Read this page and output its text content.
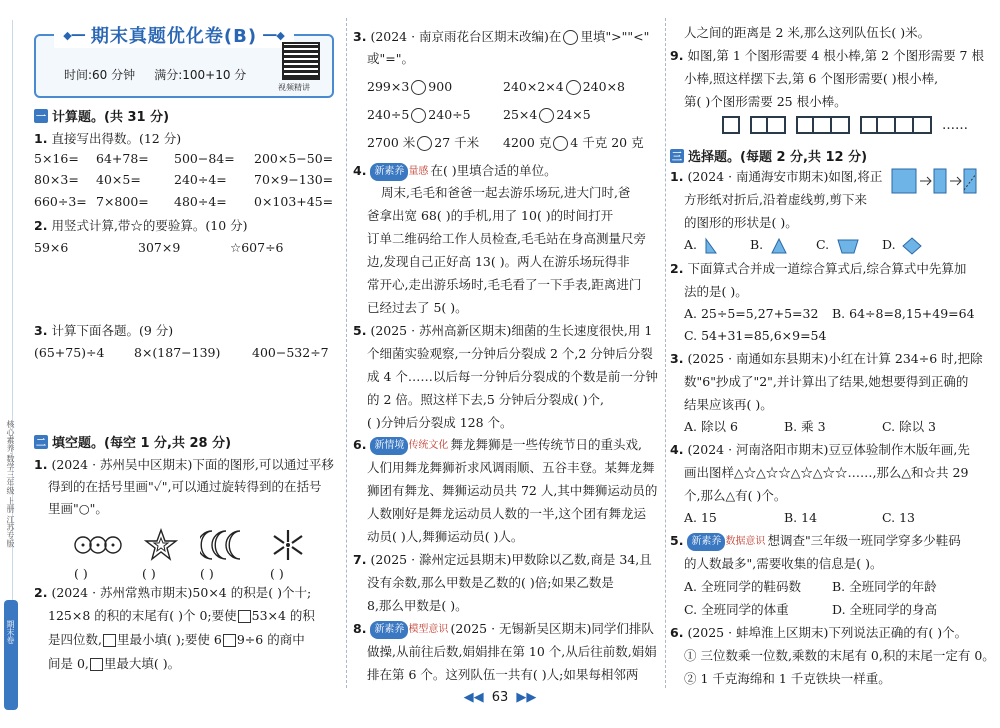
核心素养·数学三年级 上册 江苏专版
期末卷
◆━━ 期末真题优化卷(B) ━━◆
时间:60 分钟 满分:100+10 分
视频精讲
一 计算题。(共 31 分)
1. 直接写出得数。(12 分)
5×16=	64+78=	500−84=	200×5−50=
80×3=	40×5=	240÷4=	70×9−130=
660÷3= 7×800=	480÷4=	0×103+45=
2. 用竖式计算,带☆的要验算。(10 分)
59×6	307×9	☆607÷6
3. 计算下面各题。(9 分)
(65+75)÷4	8×(187−139)	400−532÷7
二 填空题。(每空 1 分,共 28 分)
1. (2024 · 苏州吴中区期末)下面的图形,可以通过平移
得到的在括号里画"✓",可以通过旋转得到的在括号
里画"○"。
( )	( )	( )	( )
2. (2024 · 苏州常熟市期末)50×4 的积是( )个十;
125×8 的积的末尾有( )个 0;要使 53×4 的积
是四位数, 里最小填( );要使 6 9÷6 的商中
间是 0, 里最大填( )。
3. (2024 · 南京雨花台区期末改编)在 里填">""<"
或"="。
299×3 900	240×2×4 240×8
240÷5 240÷5	25×4 24×5
2700 米 27 千米 4200 克 4 千克 20 克
4. 新素养 量感 在( )里填合适的单位。
周末,毛毛和爸爸一起去游乐场玩,进大门时,爸
爸拿出宽 68( )的手机,用了 10( )的时间打开
订单二维码给工作人员检查,毛毛站在身高测量尺旁
边,发现自己正好高 13( )。两人在游乐场玩得非
常开心,走出游乐场时,毛毛看了一下手表,距离进门
已经过去了 5( )。
5. (2025 · 苏州高新区期末)细菌的生长速度很快,用 1
个细菌实验观察,一分钟后分裂成 2 个,2 分钟后分裂
成 4 个……以后每一分钟后分裂成的个数是前一分钟
的 2 倍。照这样下去,5 分钟后分裂成( )个,
( )分钟后分裂成 128 个。
6. 新情境 传统文化 舞龙舞狮是一些传统节日的重头戏,
人们用舞龙舞狮祈求风调雨顺、五谷丰登。某舞龙舞
狮团有舞龙、舞狮运动员共 72 人,其中舞狮运动员的
人数刚好是舞龙运动员人数的一半,这个团有舞龙运
动员( )人,舞狮运动员( )人。
7. (2025 · 滁州定远县期末)甲数除以乙数,商是 34,且
没有余数,那么甲数是乙数的( )倍;如果乙数是
8,那么甲数是( )。
8. 新素养 模型意识 (2025 · 无锡新吴区期末)同学们排队
做操,从前往后数,娟娟排在第 10 个,从后往前数,娟娟
排在第 6 个。这列队伍一共有( )人;如果每相邻两
人之间的距离是 2 米,那么这列队伍长( )米。
9. 如图,第 1 个图形需要 4 根小棒,第 2 个图形需要 7 根
小棒,照这样摆下去,第 6 个图形需要( )根小棒,
第( )个图形需要 25 根小棒。
……
三 选择题。(每题 2 分,共 12 分)
1. (2024 · 南通海安市期末)如图,将正
方形纸对折后,沿着虚线剪,剪下来
的图形的形状是( )。
A.	B.	C.	D.
2. 下面算式合并成一道综合算式后,综合算式中先算加
法的是( )。
A. 25÷5=5,27+5=32 B. 64÷8=8,15+49=64
C. 54+31=85,6×9=54
3. (2025 · 南通如东县期末)小红在计算 234÷6 时,把除
数"6"抄成了"2",并计算出了结果,她想要得到正确的
结果应该再( )。
A. 除以 6	B. 乘 3	C. 除以 3
4. (2024 · 河南洛阳市期末)豆豆体验制作木版年画,先
画出图样△☆△☆☆△☆△☆☆……,那么△和☆共 29
个,那么△有( )个。
A. 15	B. 14	C. 13
5. 新素养 数据意识 想调查"三年级一班同学穿多少鞋码
的人数最多",需要收集的信息是( )。
A. 全班同学的鞋码数 B. 全班同学的年龄
C. 全班同学的体重	D. 全班同学的身高
6. (2025 · 蚌埠淮上区期末)下列说法正确的有( )个。
① 三位数乘一位数,乘数的末尾有 0,积的末尾一定有 0。
② 1 千克海绵和 1 千克铁块一样重。
◀◀ 63 ▶▶
